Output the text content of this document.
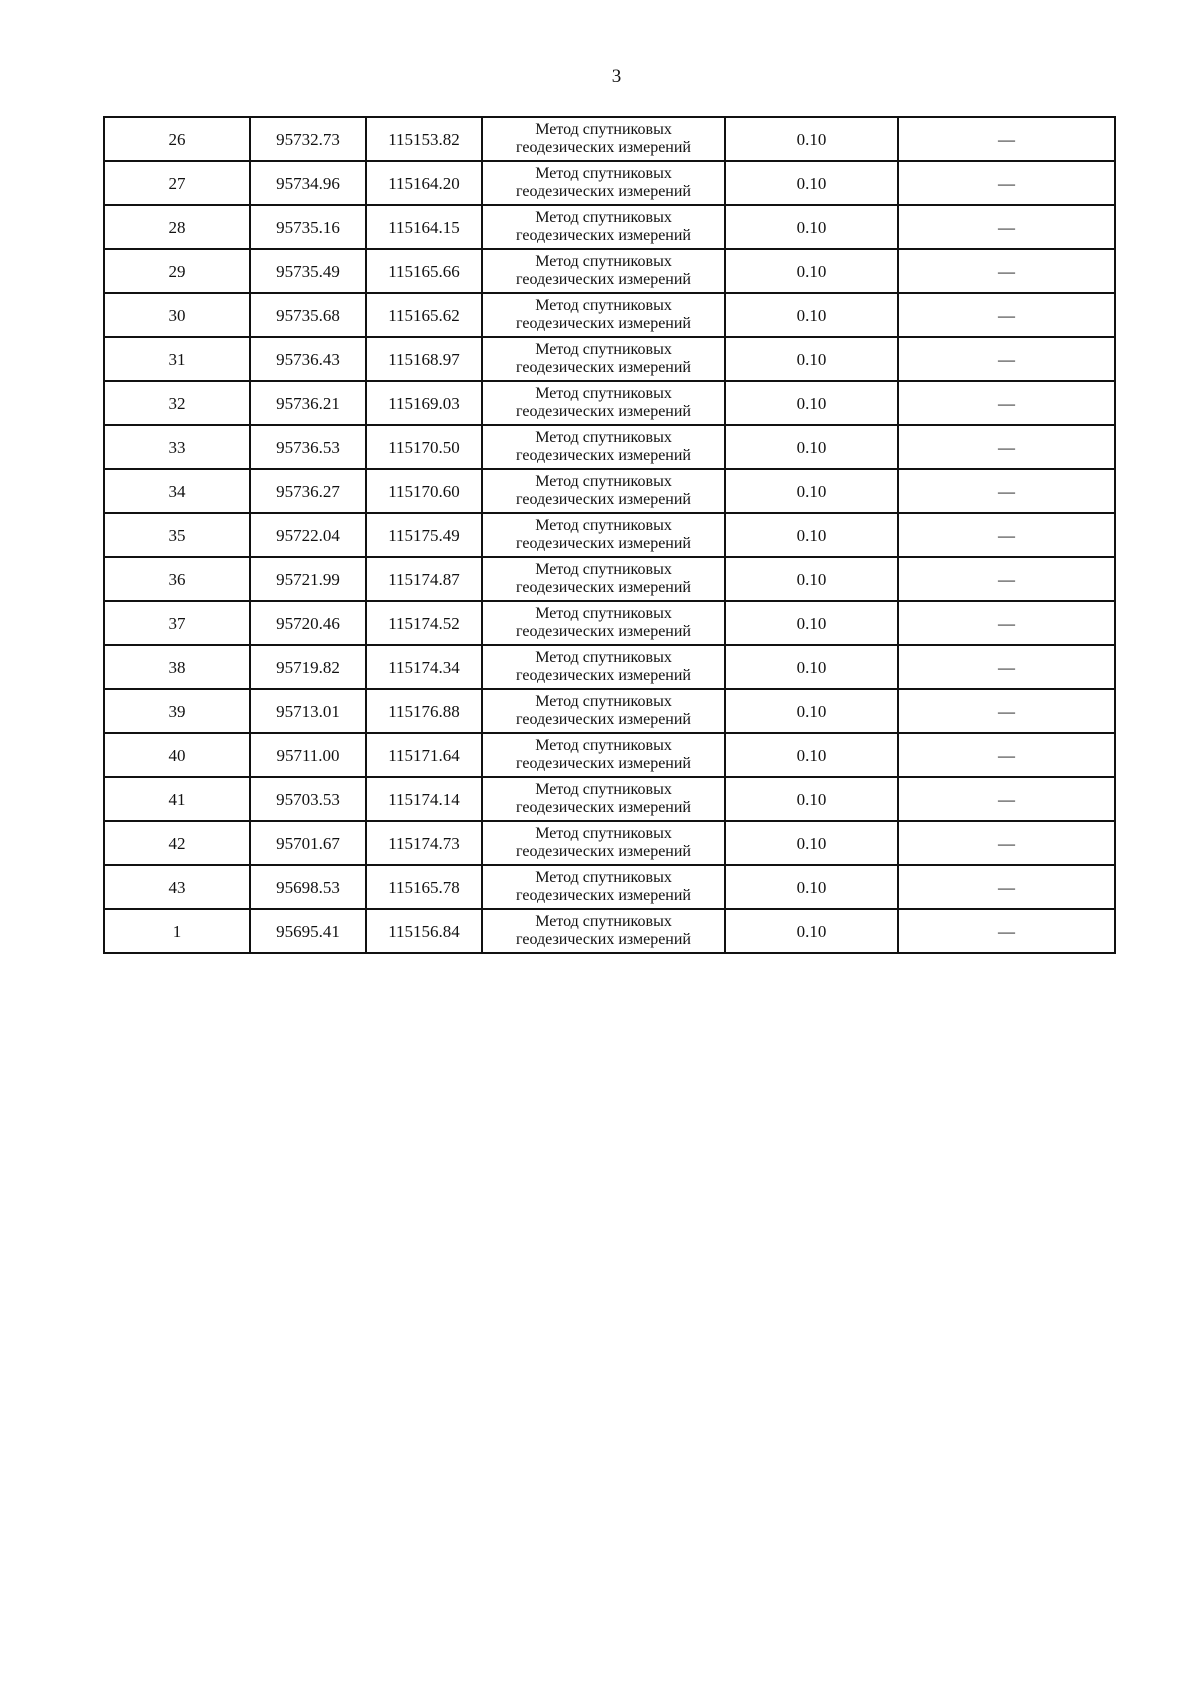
3
26	95732.73	115153.82	Метод спутниковых
геодезических измерений	0.10	—
27	95734.96	115164.20	Метод спутниковых
геодезических измерений	0.10	—
28	95735.16	115164.15	Метод спутниковых
геодезических измерений	0.10	—
29	95735.49	115165.66	Метод спутниковых
геодезических измерений	0.10	—
30	95735.68	115165.62	Метод спутниковых
геодезических измерений	0.10	—
31	95736.43	115168.97	Метод спутниковых
геодезических измерений	0.10	—
32	95736.21	115169.03	Метод спутниковых
геодезических измерений	0.10	—
33	95736.53	115170.50	Метод спутниковых
геодезических измерений	0.10	—
34	95736.27	115170.60	Метод спутниковых
геодезических измерений	0.10	—
35	95722.04	115175.49	Метод спутниковых
геодезических измерений	0.10	—
36	95721.99	115174.87	Метод спутниковых
геодезических измерений	0.10	—
37	95720.46	115174.52	Метод спутниковых
геодезических измерений	0.10	—
38	95719.82	115174.34	Метод спутниковых
геодезических измерений	0.10	—
39	95713.01	115176.88	Метод спутниковых
геодезических измерений	0.10	—
40	95711.00	115171.64	Метод спутниковых
геодезических измерений	0.10	—
41	95703.53	115174.14	Метод спутниковых
геодезических измерений	0.10	—
42	95701.67	115174.73	Метод спутниковых
геодезических измерений	0.10	—
43	95698.53	115165.78	Метод спутниковых
геодезических измерений	0.10	—
1	95695.41	115156.84	Метод спутниковых
геодезических измерений	0.10	—
